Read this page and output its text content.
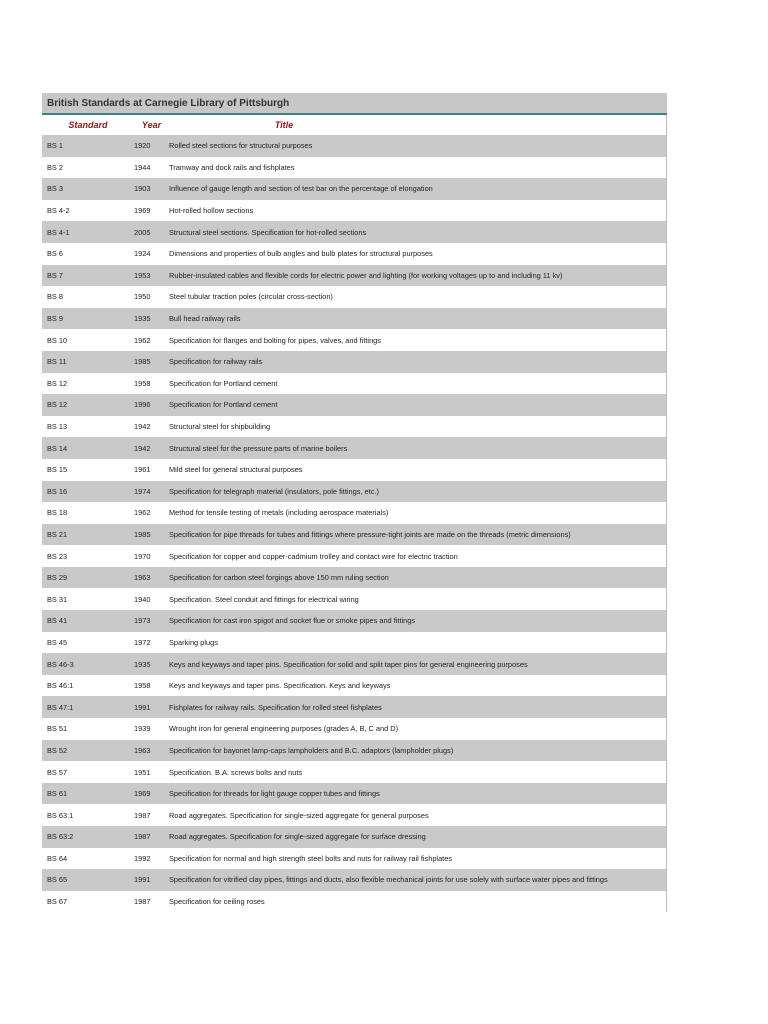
British Standards at Carnegie Library of Pittsburgh
Standard	Year	Title
BS 1	1920	Rolled steel sections for structural purposes
BS 2	1944	Tramway and dock rails and fishplates
BS 3	1903	Influence of gauge length and section of test bar on the percentage of elongation
BS 4-2	1969	Hot-rolled hollow sections
BS 4-1	2005	Structural steel sections. Specification for hot-rolled sections
BS 6	1924	Dimensions and properties of bulb angles and bulb plates for structural purposes
BS 7	1953	Rubber-insulated cables and flexible cords for electric power and lighting (for working voltages up to and including 11 kv)
BS 8	1950	Steel tubular traction poles (circular cross-section)
BS 9	1935	Bull head railway rails
BS 10	1962	Specification for flanges and bolting for pipes, valves, and fittings
BS 11	1985	Specification for railway rails
BS 12	1958	Specification for Portland cement
BS 12	1996	Specification for Portland cement
BS 13	1942	Structural steel for shipbuilding
BS 14	1942	Structural steel for the pressure parts of marine boilers
BS 15	1961	Mild steel for general structural purposes
BS 16	1974	Specification for telegraph material (insulators, pole fittings, etc.)
BS 18	1962	Method for tensile testing of metals (including aerospace materials)
BS 21	1985	Specification for pipe threads for tubes and fittings where pressure-tight joints are made on the threads (metric dimensions)
BS 23	1970	Specification for copper and copper-cadmium trolley and contact wire for electric traction
BS 29	1963	Specification for carbon steel forgings above 150 mm ruling section
BS 31	1940	Specification. Steel conduit and fittings for electrical wiring
BS 41	1973	Specification for cast iron spigot and socket flue or smoke pipes and fittings
BS 45	1972	Sparking plugs
BS 46-3	1935	Keys and keyways and taper pins. Specification for solid and split taper pins for general engineering purposes
BS 46:1	1958	Keys and keyways and taper pins. Specification. Keys and keyways
BS 47:1	1991	Fishplates for railway rails. Specification for rolled steel fishplates
BS 51	1939	Wrought iron for general engineering purposes (grades A, B, C and D)
BS 52	1963	Specification for bayonet lamp-caps lampholders and B.C. adaptors (lampholder plugs)
BS 57	1951	Specification. B.A. screws bolts and nuts
BS 61	1969	Specification for threads for light gauge copper tubes and fittings
BS 63:1	1987	Road aggregates. Specification for single-sized aggregate for general purposes
BS 63:2	1987	Road aggregates. Specification for single-sized aggregate for surface dressing
BS 64	1992	Specification for normal and high strength steel bolts and nuts for railway rail fishplates
BS 65	1991	Specification for vitrified clay pipes, fittings and ducts, also flexible mechanical joints for use solely with surface water pipes and fittings
BS 67	1987	Specification for ceiling roses
